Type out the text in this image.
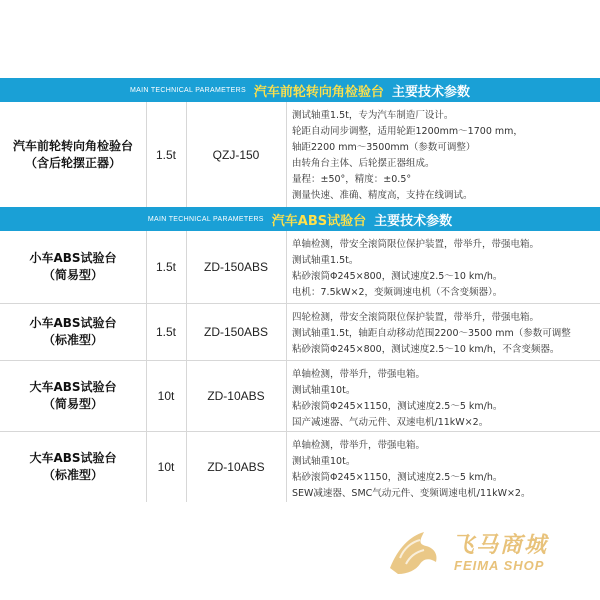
MAIN TECHNICAL PARAMETERS 汽车前轮转向角检验台 主要技术参数
汽车前轮转向角检验台
（含后轮摆正器）
1.5t	QZJ-150
测试轴重1.5t，专为汽车制造厂设计。
轮距自动同步调整，适用轮距1200mm～1700 mm，
轴距2200 mm～3500mm（参数可调整）
由转角台主体、后轮摆正器组成。
量程：±50°，精度：±0.5°
测量快速、准确、精度高，支持在线调试。
MAIN TECHNICAL PARAMETERS 汽车ABS试验台 主要技术参数
小车ABS试验台
（简易型）
1.5t	ZD-150ABS
单轴检测，带安全滚筒限位保护装置，带举升，带强电箱。
测试轴重1.5t。
粘砂滚筒Φ245×800，测试速度2.5～10 km/h。
电机：7.5kW×2，变频调速电机（不含变频器）。
小车ABS试验台
（标准型）
1.5t	ZD-150ABS
四轮检测，带安全滚筒限位保护装置，带举升，带强电箱。
测试轴重1.5t，轴距自动移动范围2200～3500 mm（参数可调整
粘砂滚筒Φ245×800，测试速度2.5～10 km/h，不含变频器。
大车ABS试验台
（简易型）
10t	ZD-10ABS
单轴检测，带举升，带强电箱。
测试轴重10t。
粘砂滚筒Φ245×1150，测试速度2.5～5 km/h。
国产减速器、气动元件、双速电机/11kW×2。
大车ABS试验台
（标准型）
10t	ZD-10ABS
单轴检测，带举升，带强电箱。
测试轴重10t。
粘砂滚筒Φ245×1150，测试速度2.5～5 km/h。
SEW减速器、SMC气动元件、变频调速电机/11kW×2。
飞马商城
FEIMA SHOP
